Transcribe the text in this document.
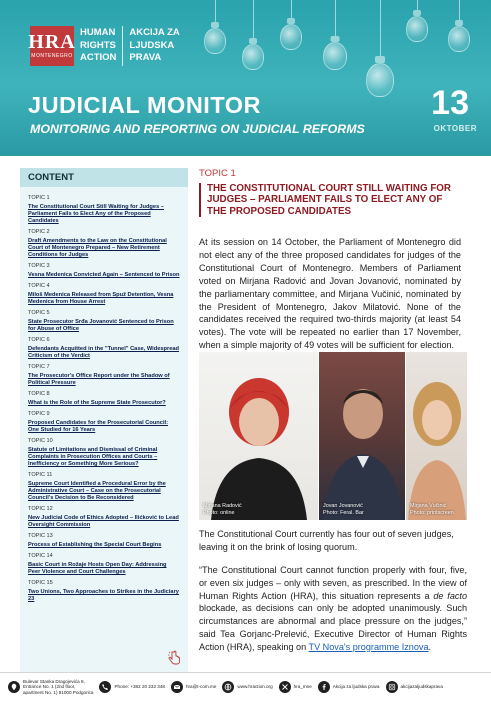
HRA
MONTENEGRO
HUMAN
RIGHTS
ACTION
AKCIJA ZA
LJUDSKA
PRAVA
JUDICIAL MONITOR
MONITORING AND REPORTING ON JUDICIAL REFORMS
13
OKTOBER
CONTENT
TOPIC 1
The Constitutional Court Still Waiting for Judges – Parliament Fails to Elect Any of the Proposed Candidates
TOPIC 2
Draft Amendments to the Law on the Constitutional Court of Montenegro Prepared – New Retirement Conditions for Judges
TOPIC 3
Vesna Medenica Convicted Again – Sentenced to Prison
TOPIC 4
Miloš Medenica Released from Spuž Detention, Vesna Medenica from House Arrest
TOPIC 5
State Prosecutor Srđa Jovanović Sentenced to Prison for Abuse of Office
TOPIC 6
Defendants Acquitted in the "Tunnel" Case, Widespread Criticism of the Verdict
TOPIC 7
The Prosecutor's Office Report under the Shadow of Political Pressure
TOPIC 8
What is the Role of the Supreme State Prosecutor?
TOPIC 9
Proposed Candidates for the Prosecutorial Council: One Studied for 16 Years
TOPIC 10
Statute of Limitations and Dismissal of Criminal Complaints in Prosecution Offices and Courts – Inefficiency or Something More Serious?
TOPIC 11
Supreme Court Identified a Procedural Error by the Administrative Court – Case on the Prosecutorial Council's Decision to Be Reconsidered
TOPIC 12
New Judicial Code of Ethics Adopted – Ilićković to Lead Oversight Commission
TOPIC 13
Process of Establishing the Special Court Begins
TOPIC 14
Basic Court in Rožaje Hosts Open Day: Addressing Peer Violence and Court Challenges
TOPIC 15
Two Unions, Two Approaches to Strikes in the Judiciary 23
TOPIC 1
THE CONSTITUTIONAL COURT STILL WAITING FOR JUDGES – PARLIAMENT FAILS TO ELECT ANY OF THE PROPOSED CANDIDATES

At its session on 14 October, the Parliament of Montenegro did not elect any of the three proposed candidates for judges of the Constitutional Court of Montenegro. Members of Parliament voted on Mirjana Radović and Jovan Jovanović, nominated by the parliamentary committee, and Mirjana Vučinić, nominated by the President of Montenegro, Jakov Milatović. None of the candidates received the required two-thirds majority (at least 54 votes). The vote will be repeated no earlier than 17 November, when a simple majority of 49 votes will be sufficient for election.

Mirjana Radović
Photo: online
Jovan Jovanović
Photo: Feral. Bar
Mirjana Vučinić
Photo: printscreen

The Constitutional Court currently has four out of seven judges, leaving it on the brink of losing quorum.

“The Constitutional Court cannot function properly with four, five, or even six judges – only with seven, as prescribed. In the view of Human Rights Action (HRA), this situation represents a de facto blockade, as decisions can only be adopted unanimously. Such circumstances are abnormal and place pressure on the judges,” said Tea Gorjanc-Prelević, Executive Director of Human Rights Action (HRA), speaking on TV Nova's programme Iznova.

Bulevar Stanka Dragojevića 8,
Entrance No. 1 (2nd floor,
apartment No. 1) 81000 Podgorica
Phone: +382 20 232 348	hra@t-com.me	www.hraction.org	hra_mne	Akcija za ljudska prava	akcijazaljudskaprava
